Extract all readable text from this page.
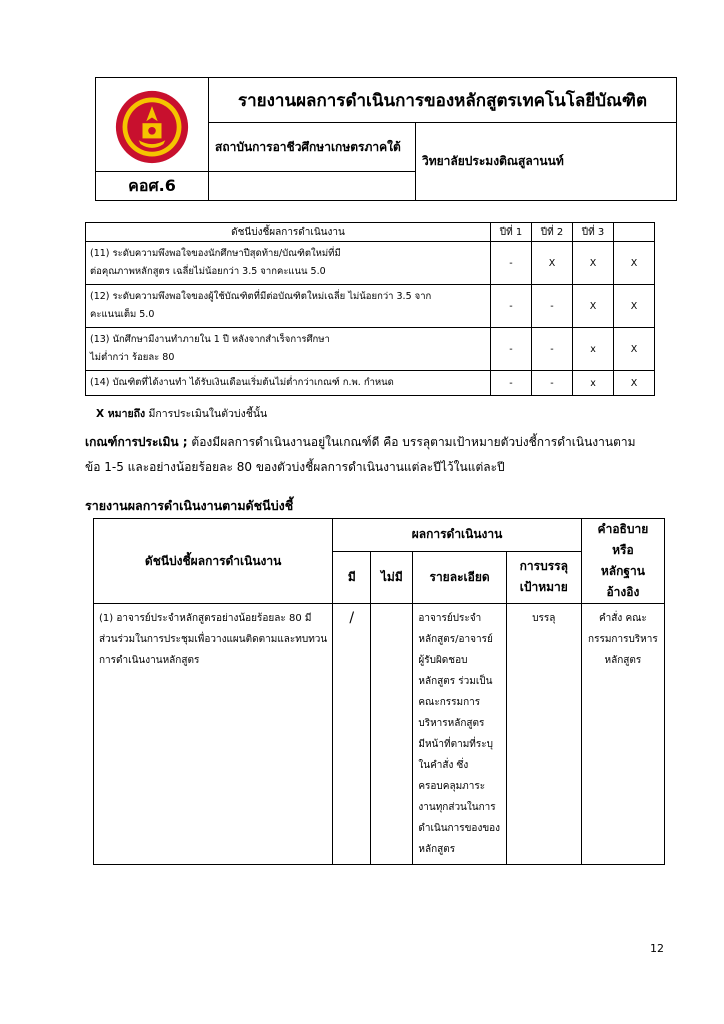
	รายงานผลการดำเนินการของหลักสูตรเทคโนโลยีบัณฑิต	
	สถาบันการอาชีวศึกษาเกษตรภาคใต้	วิทยาลัยประมงติณสูลานนท์
คอศ.6		
ดัชนีบ่งชี้ผลการดำเนินงาน	ปีที่ 1	ปีที่ 2	ปีที่ 3	

(11) ระดับความพึงพอใจของนักศึกษาปีสุดท้าย/บัณฑิตใหม่ที่มี
ต่อคุณภาพหลักสูตร เฉลี่ยไม่น้อยกว่า 3.5 จากคะแนน 5.0	-	X	X	X

(12) ระดับความพึงพอใจของผู้ใช้บัณฑิตที่มีต่อบัณฑิตใหม่เฉลี่ย ไม่น้อยกว่า 3.5 จาก
คะแนนเต็ม 5.0	-	-	X	X

(13) นักศึกษามีงานทำภายใน 1 ปี หลังจากสำเร็จการศึกษา
ไม่ต่ำกว่า ร้อยละ 80	-	-	x	X

(14) บัณฑิตที่ได้งานทำ ได้รับเงินเดือนเริ่มต้นไม่ต่ำกว่าเกณฑ์ ก.พ. กำหนด	-	-	x	X
X หมายถึง มีการประเมินในตัวบ่งชี้นั้น
เกณฑ์การประเมิน ; ต้องมีผลการดำเนินงานอยู่ในเกณฑ์ดี คือ บรรลุตามเป้าหมายตัวบ่งชี้การดำเนินงานตามข้อ 1-5 และอย่างน้อยร้อยละ 80 ของตัวบ่งชี้ผลการดำเนินงานแต่ละปีไว้ในแต่ละปี
รายงานผลการดำเนินงานตามดัชนีบ่งชี้
ดัชนีบ่งชี้ผลการดำเนินงาน	ผลการดำเนินงาน				คำอธิบาย
หรือ
หลักฐาน
อ้างอิง

	มี	ไม่มี	รายละเอียด	การบรรลุ
เป้าหมาย	

(1) อาจารย์ประจำหลักสูตรอย่างน้อยร้อยละ 80 มีส่วนร่วมในการประชุมเพื่อวางแผนติดตามและทบทวนการดำเนินงานหลักสูตร	/		อาจารย์ประจำหลักสูตร/อาจารย์ผู้รับผิดชอบหลักสูตร ร่วมเป็นคณะกรรมการบริหารหลักสูตร มีหน้าที่ตามที่ระบุในคำสั่ง ซึ่งครอบคลุมภาระงานทุกส่วนในการดำเนินการของของหลักสูตร	บรรลุ	คำสั่ง คณะกรรมการบริหารหลักสูตร
12
